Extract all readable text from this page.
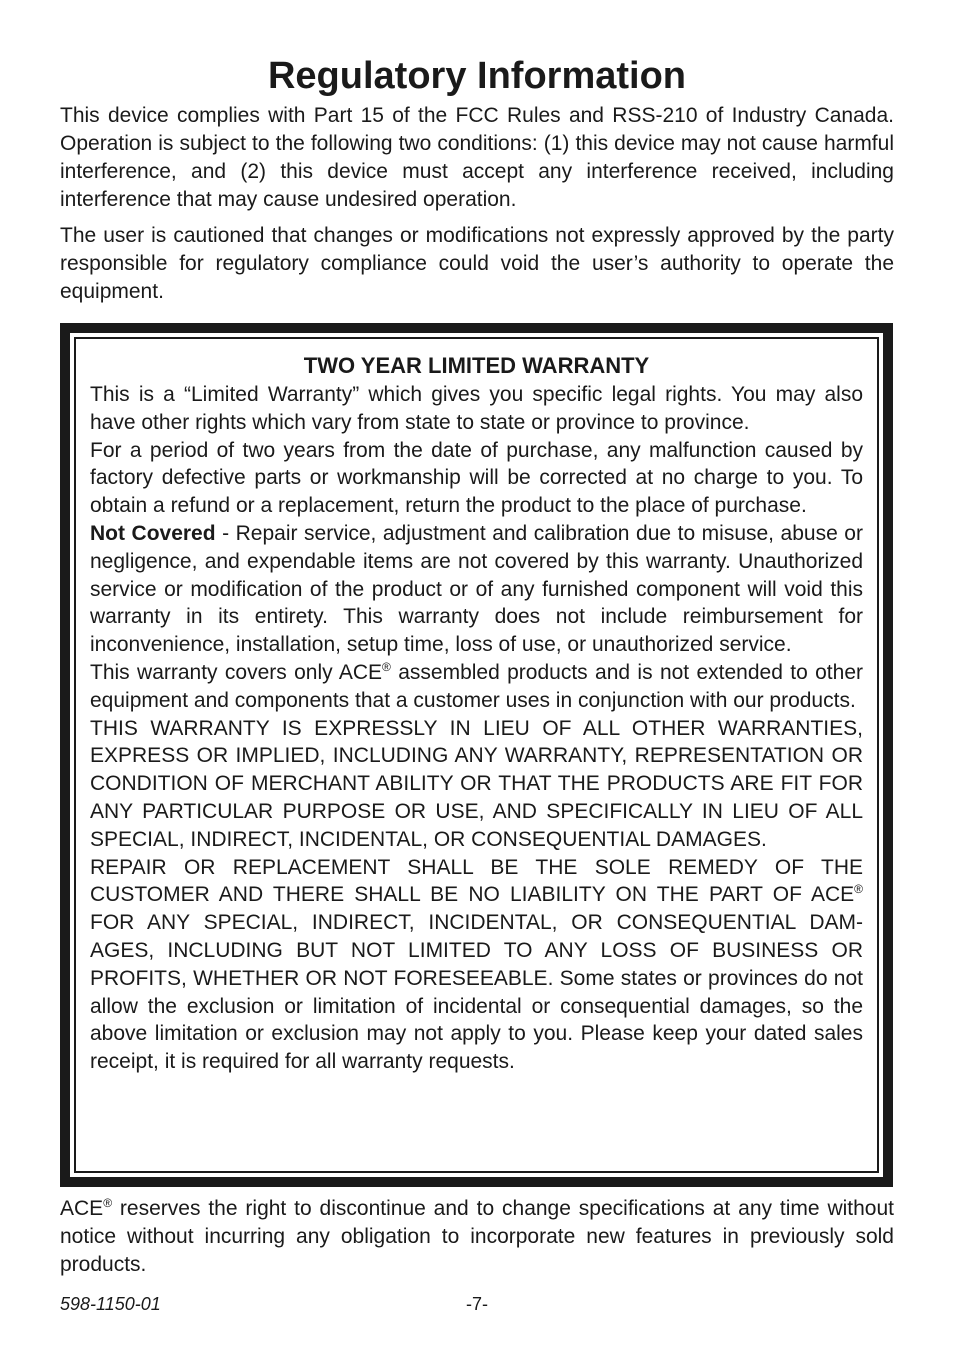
Regulatory Information

This device complies with Part 15 of the FCC Rules and RSS-210 of Industry Canada. Operation is subject to the following two conditions: (1) this device may not cause harmful interference, and (2) this device must accept any interference received, including interference that may cause undesired operation.

The user is cautioned that changes or modifications not expressly approved by the party responsible for regulatory compliance could void the user’s authority to operate the equipment.

TWO YEAR LIMITED WARRANTY

This is a “Limited Warranty” which gives you specific legal rights. You may also have other rights which vary from state to state or province to province.

For a period of two years from the date of purchase, any malfunction caused by factory defective parts or workmanship will be corrected at no charge to you. To obtain a refund or a replacement, return the product to the place of purchase.

Not Covered - Repair service, adjustment and calibration due to misuse, abuse or negligence, and expendable items are not covered by this warranty. Unauthorized service or modification of the product or of any furnished component will void this warranty in its entirety. This warranty does not include reimbursement for inconvenience, installation, setup time, loss of use, or unauthorized service.

This warranty covers only ACE® assembled products and is not extended to other equipment and components that a customer uses in conjunction with our products.

THIS WARRANTY IS EXPRESSLY IN LIEU OF ALL OTHER WARRANTIES, EXPRESS OR IMPLIED, INCLUDING ANY WARRANTY, REPRESENTATION OR CONDITION OF MERCHANT ABILITY OR THAT THE PRODUCTS ARE FIT FOR ANY PARTICULAR PURPOSE OR USE, AND SPECIFICALLY IN LIEU OF ALL SPECIAL, INDIRECT, INCIDENTAL, OR CONSEQUENTIAL DAMAGES.

REPAIR OR REPLACEMENT SHALL BE THE SOLE REMEDY OF THE CUSTOMER AND THERE SHALL BE NO LIABILITY ON THE PART OF ACE® FOR ANY SPECIAL, INDIRECT, INCIDENTAL, OR CONSEQUENTIAL DAMAGES, INCLUDING BUT NOT LIMITED TO ANY LOSS OF BUSINESS OR PROFITS, WHETHER OR NOT FORESEEABLE. Some states or provinces do not allow the exclusion or limitation of incidental or consequential damages, so the above limitation or exclusion may not apply to you. Please keep your dated sales receipt, it is required for all warranty requests.

ACE® reserves the right to discontinue and to change specifications at any time without notice without incurring any obligation to incorporate new features in previously sold products.

598-1150-01	-7-
